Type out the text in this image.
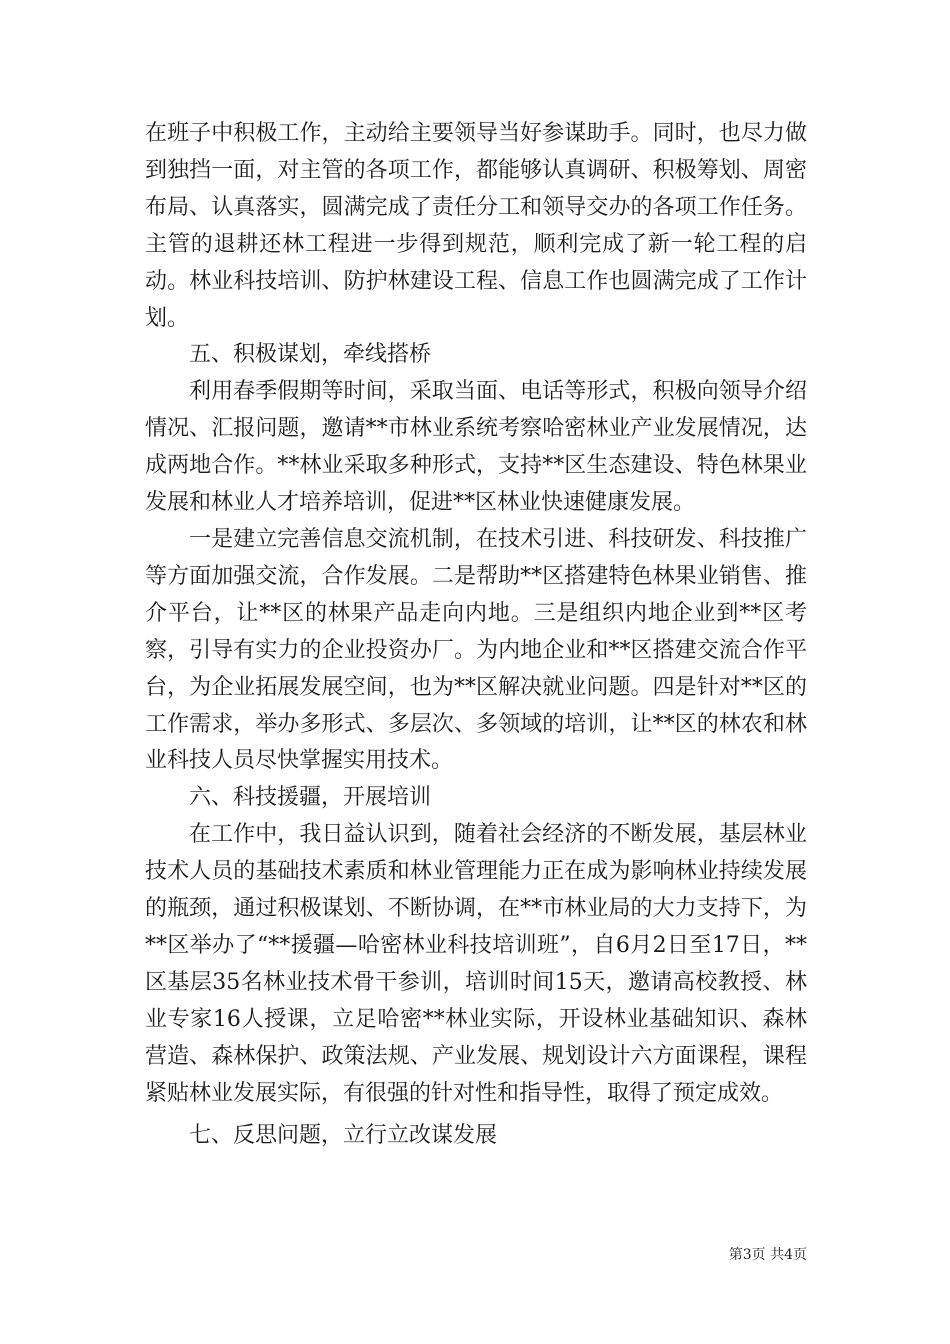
在班子中积极工作，主动给主要领导当好参谋助手。同时，也尽力做到独挡一面，对主管的各项工作，都能够认真调研、积极筹划、周密布局、认真落实，圆满完成了责任分工和领导交办的各项工作任务。主管的退耕还林工程进一步得到规范，顺利完成了新一轮工程的启动。林业科技培训、防护林建设工程、信息工作也圆满完成了工作计划。

五、积极谋划，牵线搭桥

利用春季假期等时间，采取当面、电话等形式，积极向领导介绍情况、汇报问题，邀请**市林业系统考察哈密林业产业发展情况，达成两地合作。**林业采取多种形式，支持**区生态建设、特色林果业发展和林业人才培养培训，促进**区林业快速健康发展。

一是建立完善信息交流机制，在技术引进、科技研发、科技推广等方面加强交流，合作发展。二是帮助**区搭建特色林果业销售、推介平台，让**区的林果产品走向内地。三是组织内地企业到**区考察，引导有实力的企业投资办厂。为内地企业和**区搭建交流合作平台，为企业拓展发展空间，也为**区解决就业问题。四是针对**区的工作需求，举办多形式、多层次、多领域的培训，让**区的林农和林业科技人员尽快掌握实用技术。

六、科技援疆，开展培训

在工作中，我日益认识到，随着社会经济的不断发展，基层林业技术人员的基础技术素质和林业管理能力正在成为影响林业持续发展的瓶颈，通过积极谋划、不断协调，在**市林业局的大力支持下，为**区举办了“**援疆—哈密林业科技培训班”，自6月2日至17日，**区基层35名林业技术骨干参训，培训时间15天，邀请高校教授、林业专家16人授课，立足哈密**林业实际，开设林业基础知识、森林营造、森林保护、政策法规、产业发展、规划设计六方面课程，课程紧贴林业发展实际，有很强的针对性和指导性，取得了预定成效。

七、反思问题，立行立改谋发展

第3页 共4页
